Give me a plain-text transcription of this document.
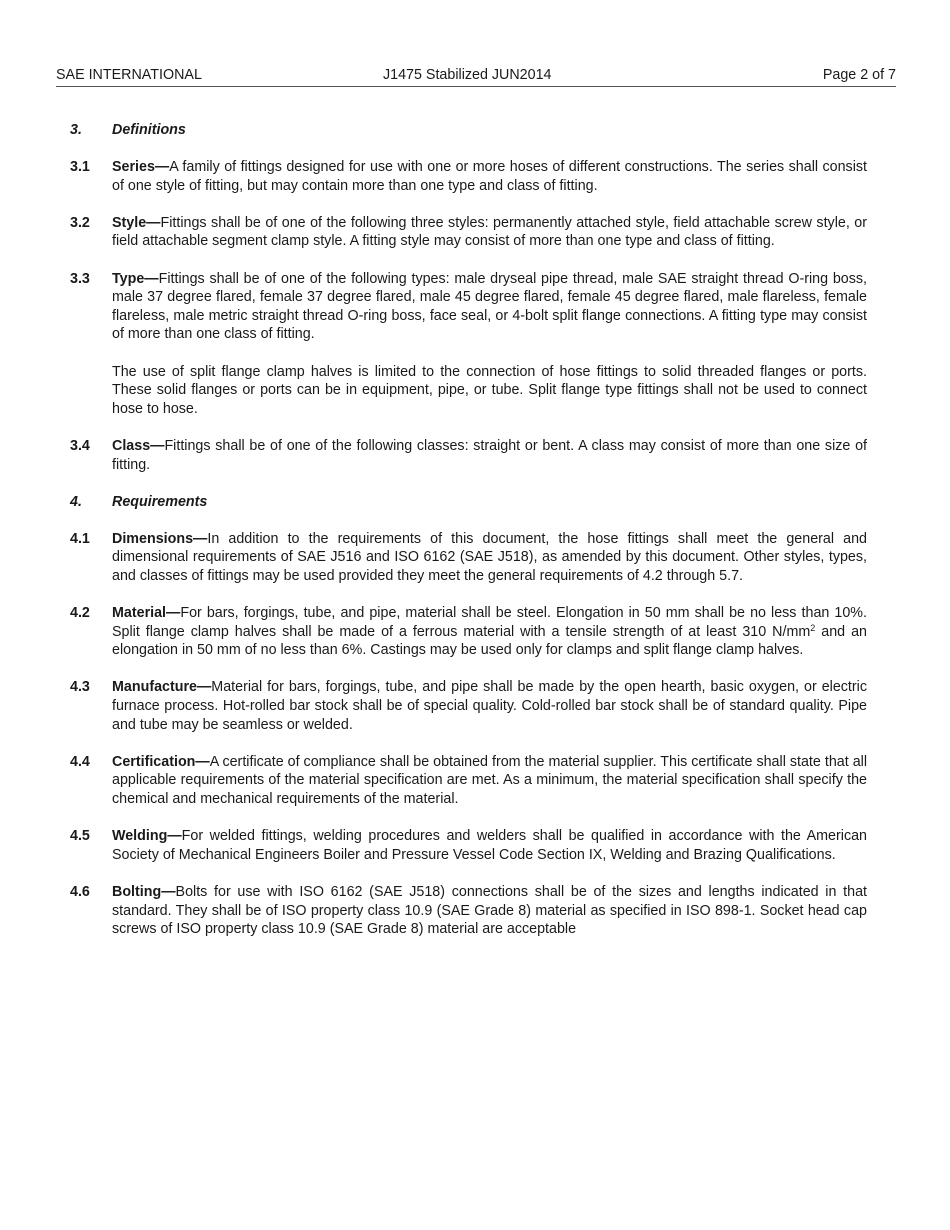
SAE INTERNATIONAL	J1475 Stabilized JUN2014	Page 2 of 7
3. Definitions
3.1 Series—A family of fittings designed for use with one or more hoses of different constructions. The series shall consist of one style of fitting, but may contain more than one type and class of fitting.

3.2 Style—Fittings shall be of one of the following three styles: permanently attached style, field attachable screw style, or field attachable segment clamp style. A fitting style may consist of more than one type and class of fitting.

3.3 Type—Fittings shall be of one of the following types: male dryseal pipe thread, male SAE straight thread O-ring boss, male 37 degree flared, female 37 degree flared, male 45 degree flared, female 45 degree flared, male flareless, female flareless, male metric straight thread O-ring boss, face seal, or 4-bolt split flange connections. A fitting type may consist of more than one class of fitting.

The use of split flange clamp halves is limited to the connection of hose fittings to solid threaded flanges or ports. These solid flanges or ports can be in equipment, pipe, or tube. Split flange type fittings shall not be used to connect hose to hose.

3.4 Class—Fittings shall be of one of the following classes: straight or bent. A class may consist of more than one size of fitting.

4. Requirements
4.1 Dimensions—In addition to the requirements of this document, the hose fittings shall meet the general and dimensional requirements of SAE J516 and ISO 6162 (SAE J518), as amended by this document. Other styles, types, and classes of fittings may be used provided they meet the general requirements of 4.2 through 5.7.

4.2 Material—For bars, forgings, tube, and pipe, material shall be steel. Elongation in 50 mm shall be no less than 10%. Split flange clamp halves shall be made of a ferrous material with a tensile strength of at least 310 $N/mm^2$ and an elongation in 50 mm of no less than 6%. Castings may be used only for clamps and split flange clamp halves.

4.3 Manufacture—Material for bars, forgings, tube, and pipe shall be made by the open hearth, basic oxygen, or electric furnace process. Hot-rolled bar stock shall be of special quality. Cold-rolled bar stock shall be of standard quality. Pipe and tube may be seamless or welded.

4.4 Certification—A certificate of compliance shall be obtained from the material supplier. This certificate shall state that all applicable requirements of the material specification are met. As a minimum, the material specification shall specify the chemical and mechanical requirements of the material.

4.5 Welding—For welded fittings, welding procedures and welders shall be qualified in accordance with the American Society of Mechanical Engineers Boiler and Pressure Vessel Code Section IX, Welding and Brazing Qualifications.

4.6 Bolting—Bolts for use with ISO 6162 (SAE J518) connections shall be of the sizes and lengths indicated in that standard. They shall be of ISO property class 10.9 (SAE Grade 8) material as specified in ISO 898-1. Socket head cap screws of ISO property class 10.9 (SAE Grade 8) material are acceptable
